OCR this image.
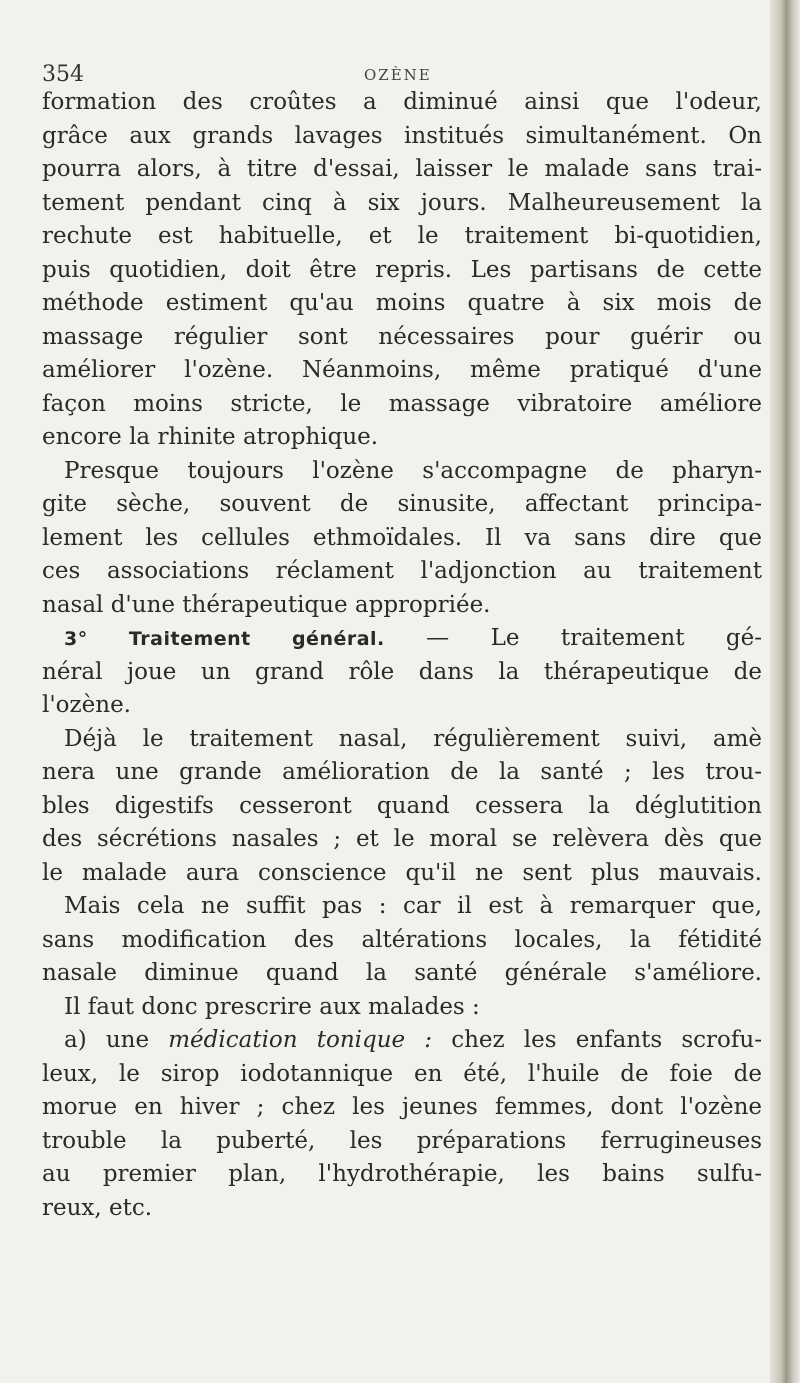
354	OZÈNE
formation des croûtes a diminué ainsi que l'odeur,
grâce aux grands lavages institués simultanément. On
pourra alors, à titre d'essai, laisser le malade sans trai-
tement pendant cinq à six jours. Malheureusement la
rechute est habituelle, et le traitement bi-quotidien,
puis quotidien, doit être repris. Les partisans de cette
méthode estiment qu'au moins quatre à six mois de
massage régulier sont nécessaires pour guérir ou
améliorer l'ozène. Néanmoins, même pratiqué d'une
façon moins stricte, le massage vibratoire améliore
encore la rhinite atrophique.
Presque toujours l'ozène s'accompagne de pharyn-
gite sèche, souvent de sinusite, affectant principa-
lement les cellules ethmoïdales. Il va sans dire que
ces associations réclament l'adjonction au traitement
nasal d'une thérapeutique appropriée.
3° Traitement général. — Le traitement gé-
néral joue un grand rôle dans la thérapeutique de
l'ozène.
Déjà le traitement nasal, régulièrement suivi, amè
nera une grande amélioration de la santé ; les trou-
bles digestifs cesseront quand cessera la déglutition
des sécrétions nasales ; et le moral se relèvera dès que
le malade aura conscience qu'il ne sent plus mauvais.
Mais cela ne suffit pas : car il est à remarquer que,
sans modification des altérations locales, la fétidité
nasale diminue quand la santé générale s'améliore.
Il faut donc prescrire aux malades :
a) une médication tonique : chez les enfants scrofu-
leux, le sirop iodotannique en été, l'huile de foie de
morue en hiver ; chez les jeunes femmes, dont l'ozène
trouble la puberté, les préparations ferrugineuses
au premier plan, l'hydrothérapie, les bains sulfu-
reux, etc.
